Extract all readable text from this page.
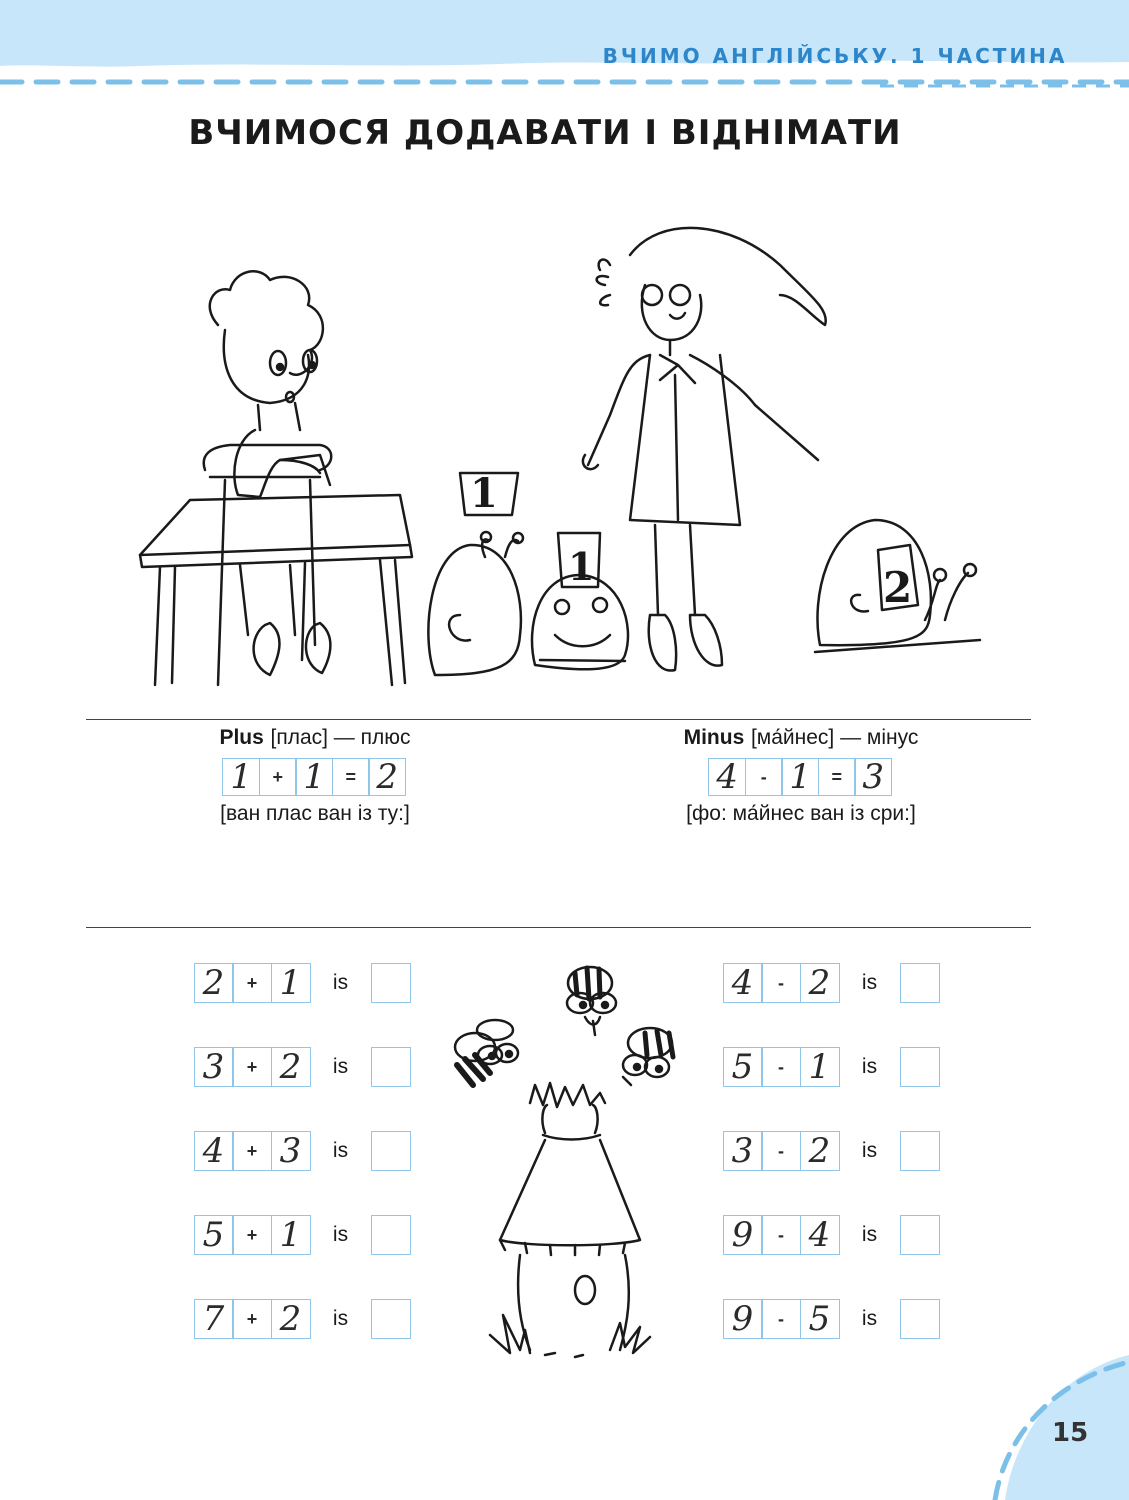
ВЧИМО АНГЛІЙСЬКУ. 1 ЧАСТИНА
ВЧИМОСЯ ДОДАВАТИ І ВІДНІМАТИ
1
1	2
Plus [плас] — плюс
1	+ 1	= 2
[ван плас ван із ту:]
Minus [ма́йнес] — мінус
4	- 1	= 3
[фо: ма́йнес ван із сри:]
2	+ 1	is
3	+ 2	is
4	+ 3	is
5	+ 1	is
7	+ 2	is
4	- 2	is
5	- 1	is
3	- 2	is
9	- 4	is
9	- 5	is
15
